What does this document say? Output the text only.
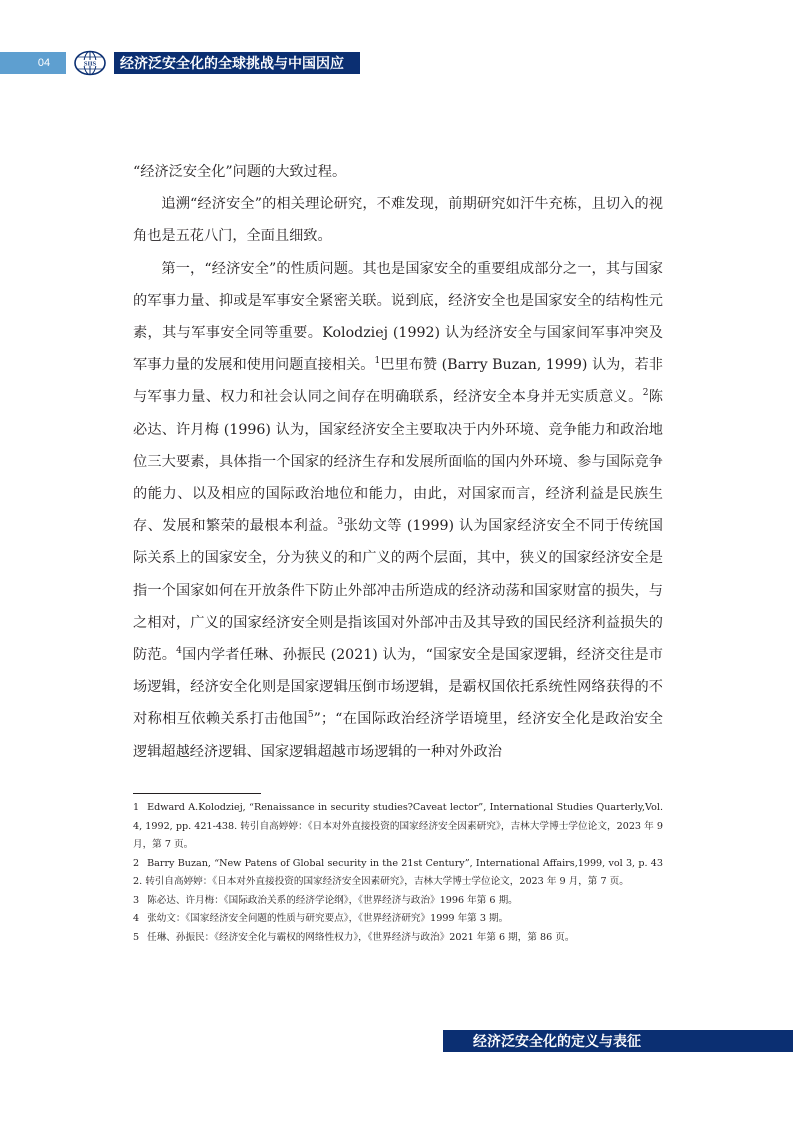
04	SIIS	经济泛安全化的全球挑战与中国因应

“经济泛安全化”问题的大致过程。

追溯“经济安全”的相关理论研究，不难发现，前期研究如汗牛充栋，且切入的视角也是五花八门，全面且细致。

第一，“经济安全”的性质问题。其也是国家安全的重要组成部分之一，其与国家的军事力量、抑或是军事安全紧密关联。说到底，经济安全也是国家安全的结构性元素，其与军事安全同等重要。Kolodziej (1992) 认为经济安全与国家间军事冲突及军事力量的发展和使用问题直接相关。$^1$巴里布赞 (Barry Buzan, 1999) 认为，若非与军事力量、权力和社会认同之间存在明确联系，经济安全本身并无实质意义。$^2$陈必达、许月梅 (1996) 认为，国家经济安全主要取决于内外环境、竞争能力和政治地位三大要素，具体指一个国家的经济生存和发展所面临的国内外环境、参与国际竞争的能力、以及相应的国际政治地位和能力，由此，对国家而言，经济利益是民族生存、发展和繁荣的最根本利益。$^3$张幼文等 (1999) 认为国家经济安全不同于传统国际关系上的国家安全，分为狭义的和广义的两个层面，其中，狭义的国家经济安全是指一个国家如何在开放条件下防止外部冲击所造成的经济动荡和国家财富的损失，与之相对，广义的国家经济安全则是指该国对外部冲击及其导致的国民经济利益损失的防范。$^4$国内学者任琳、孙振民 (2021) 认为，“国家安全是国家逻辑，经济交往是市场逻辑，经济安全化则是国家逻辑压倒市场逻辑，是霸权国依托系统性网络获得的不对称相互依赖关系打击他国$^5$”；“在国际政治经济学语境里，经济安全化是政治安全逻辑超越经济逻辑、国家逻辑超越市场逻辑的一种对外政治

1 Edward A.Kolodziej, “Renaissance in security studies?Caveat lector”, International Studies Quarterly,Vol. 4, 1992, pp. 421-438. 转引自高婷婷：《日本对外直接投资的国家经济安全因素研究》，吉林大学博士学位论文，2023 年 9 月，第 7 页。

2 Barry Buzan, “New Patens of Global security in the 21st Century”, International Affairs,1999, vol 3, p. 432. 转引自高婷婷：《日本对外直接投资的国家经济安全因素研究》，吉林大学博士学位论文，2023 年 9 月，第 7 页。

3 陈必达、许月梅：《国际政治关系的经济学论纲》，《世界经济与政治》1996 年第 6 期。

4 张幼文：《国家经济安全问题的性质与研究要点》，《世界经济研究》1999 年第 3 期。

5 任琳、孙振民：《经济安全化与霸权的网络性权力》，《世界经济与政治》2021 年第 6 期，第 86 页。

经济泛安全化的定义与表征
